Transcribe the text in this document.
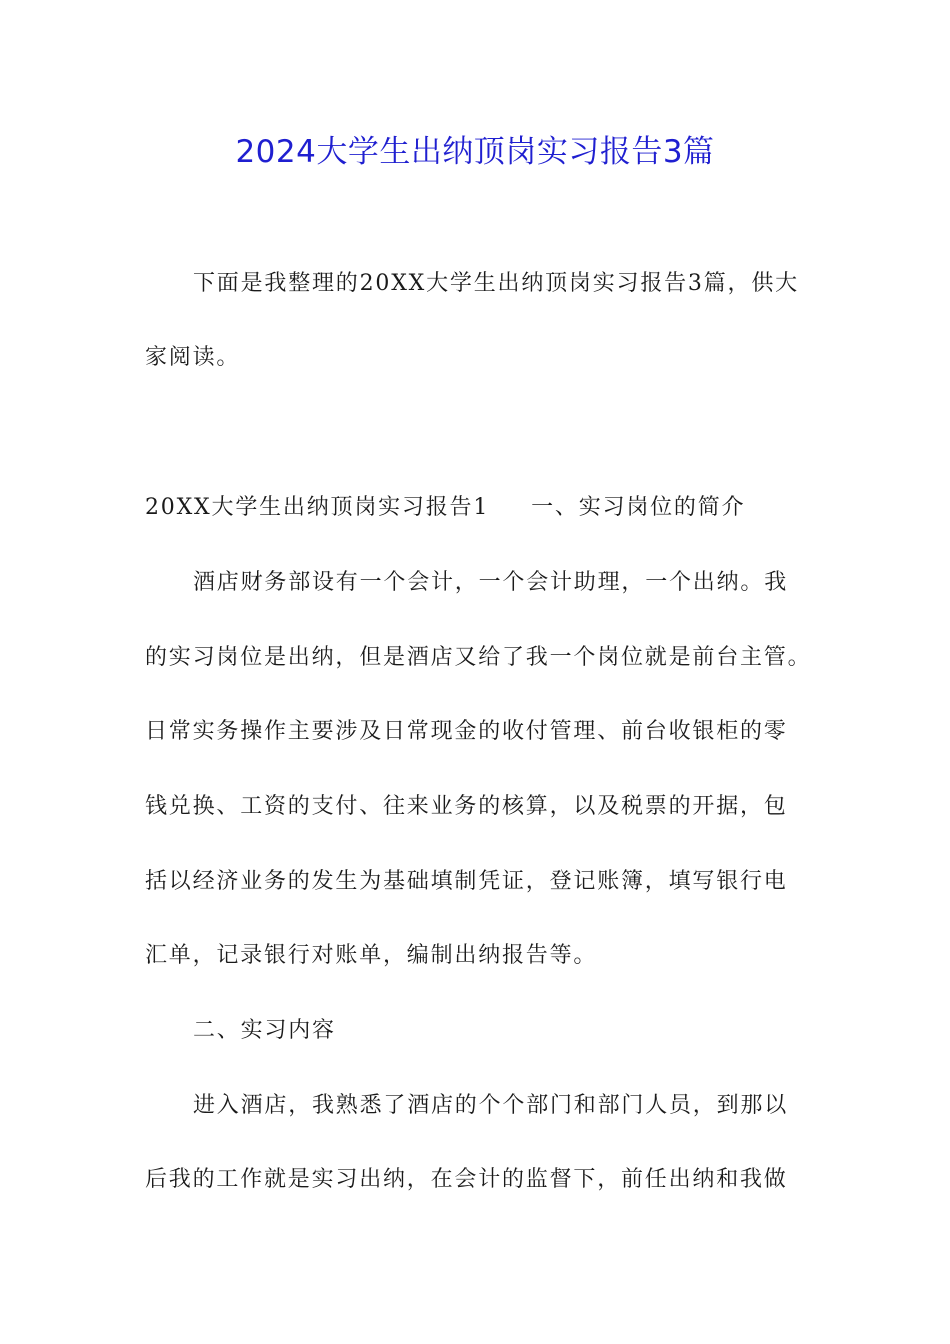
2024大学生出纳顶岗实习报告3篇
下面是我整理的20XX大学生出纳顶岗实习报告3篇，供大
家阅读。
20XX大学生出纳顶岗实习报告1 一、实习岗位的简介
酒店财务部设有一个会计，一个会计助理，一个出纳。我
的实习岗位是出纳，但是酒店又给了我一个岗位就是前台主管。
日常实务操作主要涉及日常现金的收付管理、前台收银柜的零
钱兑换、工资的支付、往来业务的核算，以及税票的开据，包
括以经济业务的发生为基础填制凭证，登记账簿，填写银行电
汇单，记录银行对账单，编制出纳报告等。
二、实习内容
进入酒店，我熟悉了酒店的个个部门和部门人员，到那以
后我的工作就是实习出纳，在会计的监督下，前任出纳和我做
